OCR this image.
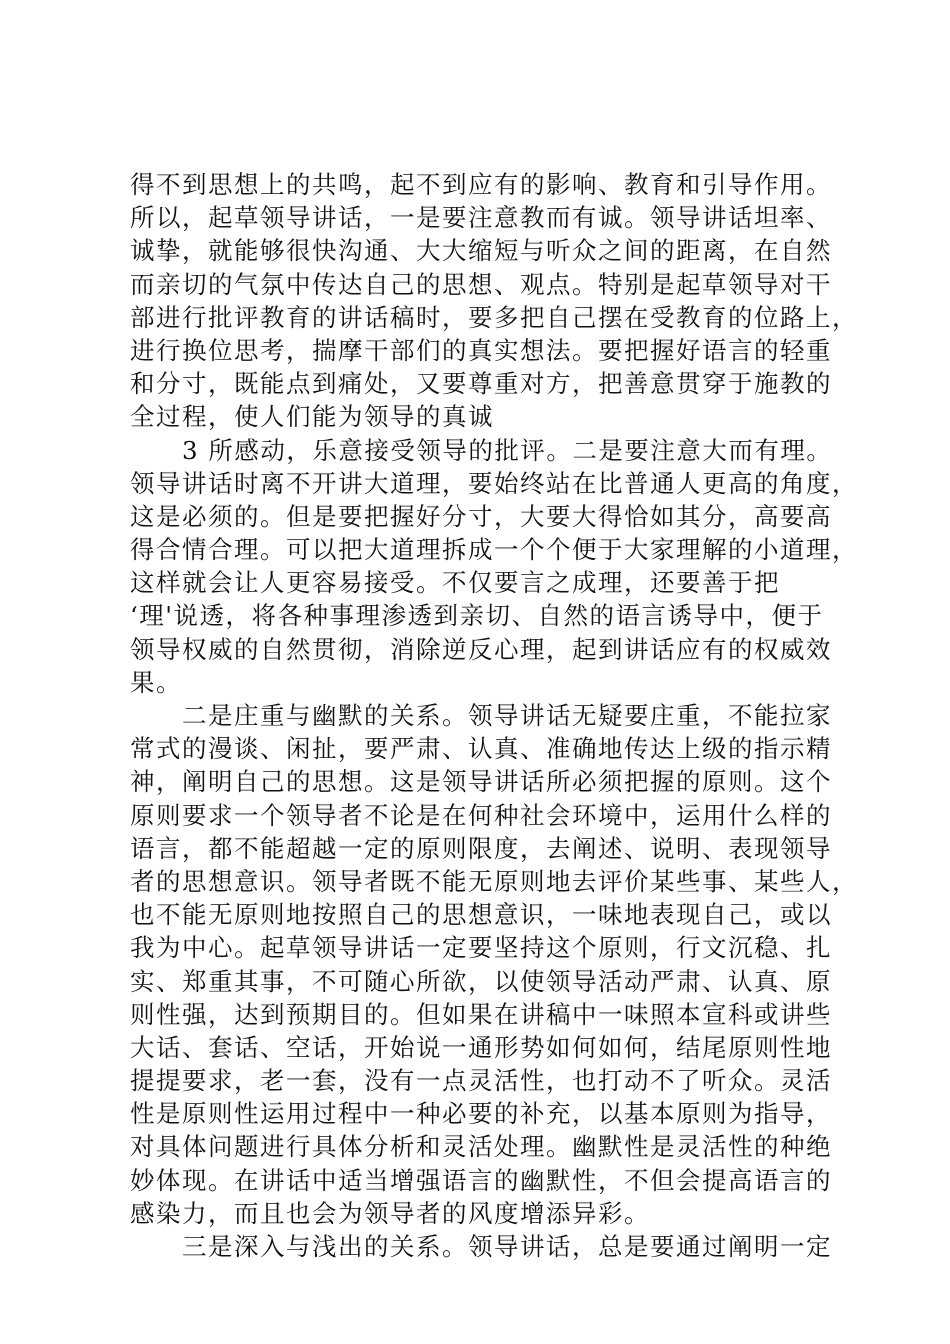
得不到思想上的共鸣，起不到应有的影响、教育和引导作用。
所以，起草领导讲话，一是要注意教而有诚。领导讲话坦率、
诚挚，就能够很快沟通、大大缩短与听众之间的距离，在自然
而亲切的气氛中传达自己的思想、观点。特别是起草领导对干
部进行批评教育的讲话稿时，要多把自己摆在受教育的位路上，
进行换位思考，揣摩干部们的真实想法。要把握好语言的轻重
和分寸，既能点到痛处，又要尊重对方，把善意贯穿于施教的
全过程，使人们能为领导的真诚
3 所感动，乐意接受领导的批评。二是要注意大而有理。
领导讲话时离不开讲大道理，要始终站在比普通人更高的角度，
这是必须的。但是要把握好分寸，大要大得恰如其分，高要高
得合情合理。可以把大道理拆成一个个便于大家理解的小道理，
这样就会让人更容易接受。不仅要言之成理，还要善于把
‘理'说透，将各种事理渗透到亲切、自然的语言诱导中，便于
领导权威的自然贯彻，消除逆反心理，起到讲话应有的权威效
果。
二是庄重与幽默的关系。领导讲话无疑要庄重，不能拉家
常式的漫谈、闲扯，要严肃、认真、准确地传达上级的指示精
神，阐明自己的思想。这是领导讲话所必须把握的原则。这个
原则要求一个领导者不论是在何种社会环境中，运用什么样的
语言，都不能超越一定的原则限度，去阐述、说明、表现领导
者的思想意识。领导者既不能无原则地去评价某些事、某些人，
也不能无原则地按照自己的思想意识，一味地表现自己，或以
我为中心。起草领导讲话一定要坚持这个原则，行文沉稳、扎
实、郑重其事，不可随心所欲，以使领导活动严肃、认真、原
则性强，达到预期目的。但如果在讲稿中一味照本宣科或讲些
大话、套话、空话，开始说一通形势如何如何，结尾原则性地
提提要求，老一套，没有一点灵活性，也打动不了听众。灵活
性是原则性运用过程中一种必要的补充，以基本原则为指导，
对具体问题进行具体分析和灵活处理。幽默性是灵活性的种绝
妙体现。在讲话中适当增强语言的幽默性，不但会提高语言的
感染力，而且也会为领导者的风度增添异彩。
三是深入与浅出的关系。领导讲话，总是要通过阐明一定
